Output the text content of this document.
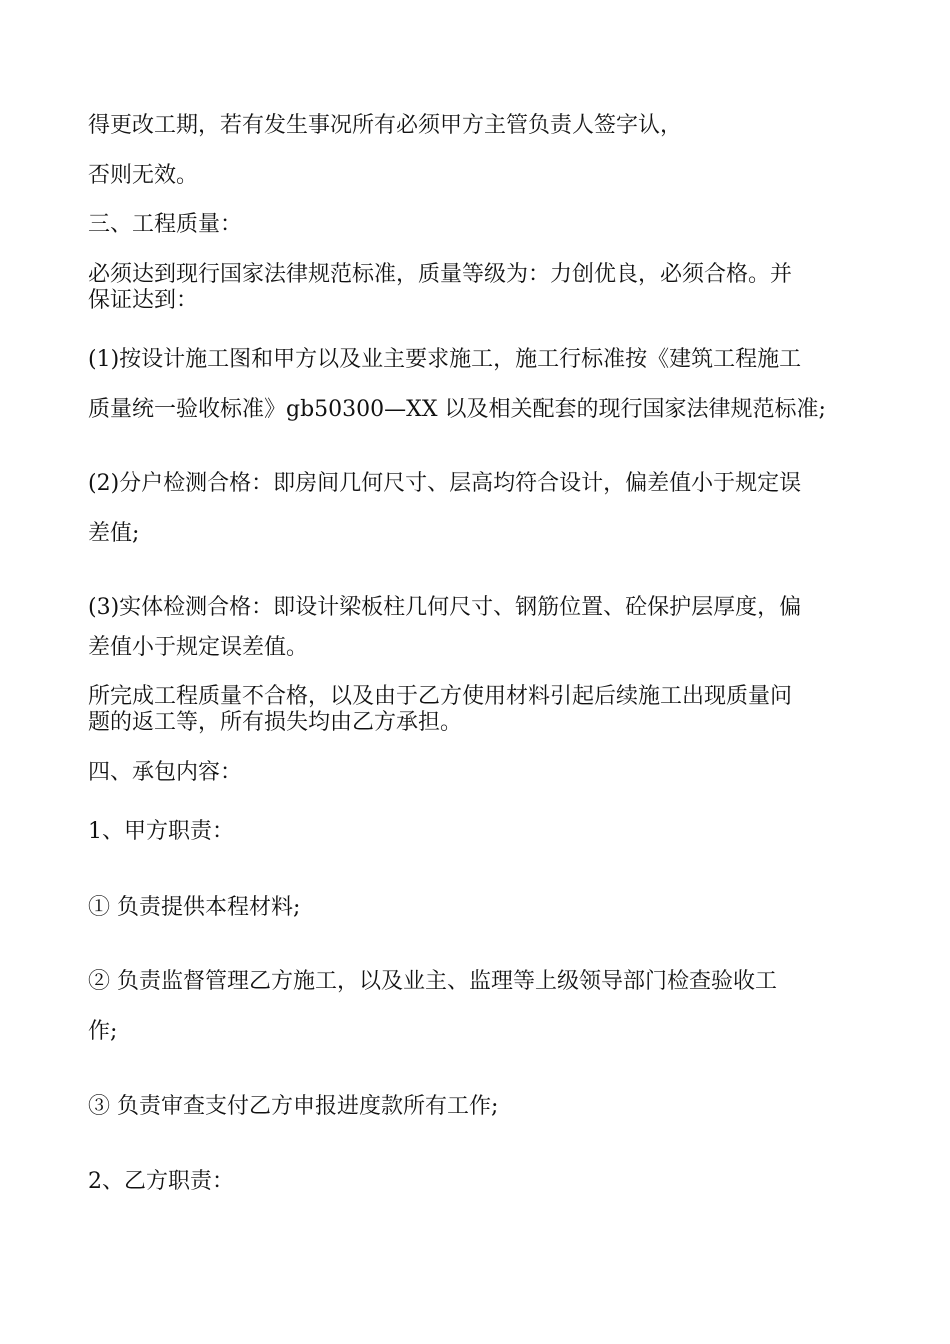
得更改工期，若有发生事况所有必须甲方主管负责人签字认，

否则无效。

三、工程质量：

必须达到现行国家法律规范标准，质量等级为：力创优良，必须合格。并

保证达到：

(1)按设计施工图和甲方以及业主要求施工，施工行标准按《建筑工程施工

质量统一验收标准》gb50300—XX 以及相关配套的现行国家法律规范标准;

(2)分户检测合格：即房间几何尺寸、层高均符合设计，偏差值小于规定误

差值;

(3)实体检测合格：即设计梁板柱几何尺寸、钢筋位置、砼保护层厚度，偏

差值小于规定误差值。

所完成工程质量不合格，以及由于乙方使用材料引起后续施工出现质量问

题的返工等，所有损失均由乙方承担。

四、承包内容：

1、甲方职责：

① 负责提供本程材料;

② 负责监督管理乙方施工，以及业主、监理等上级领导部门检查验收工

作;

③ 负责审查支付乙方申报进度款所有工作;

2、乙方职责：
